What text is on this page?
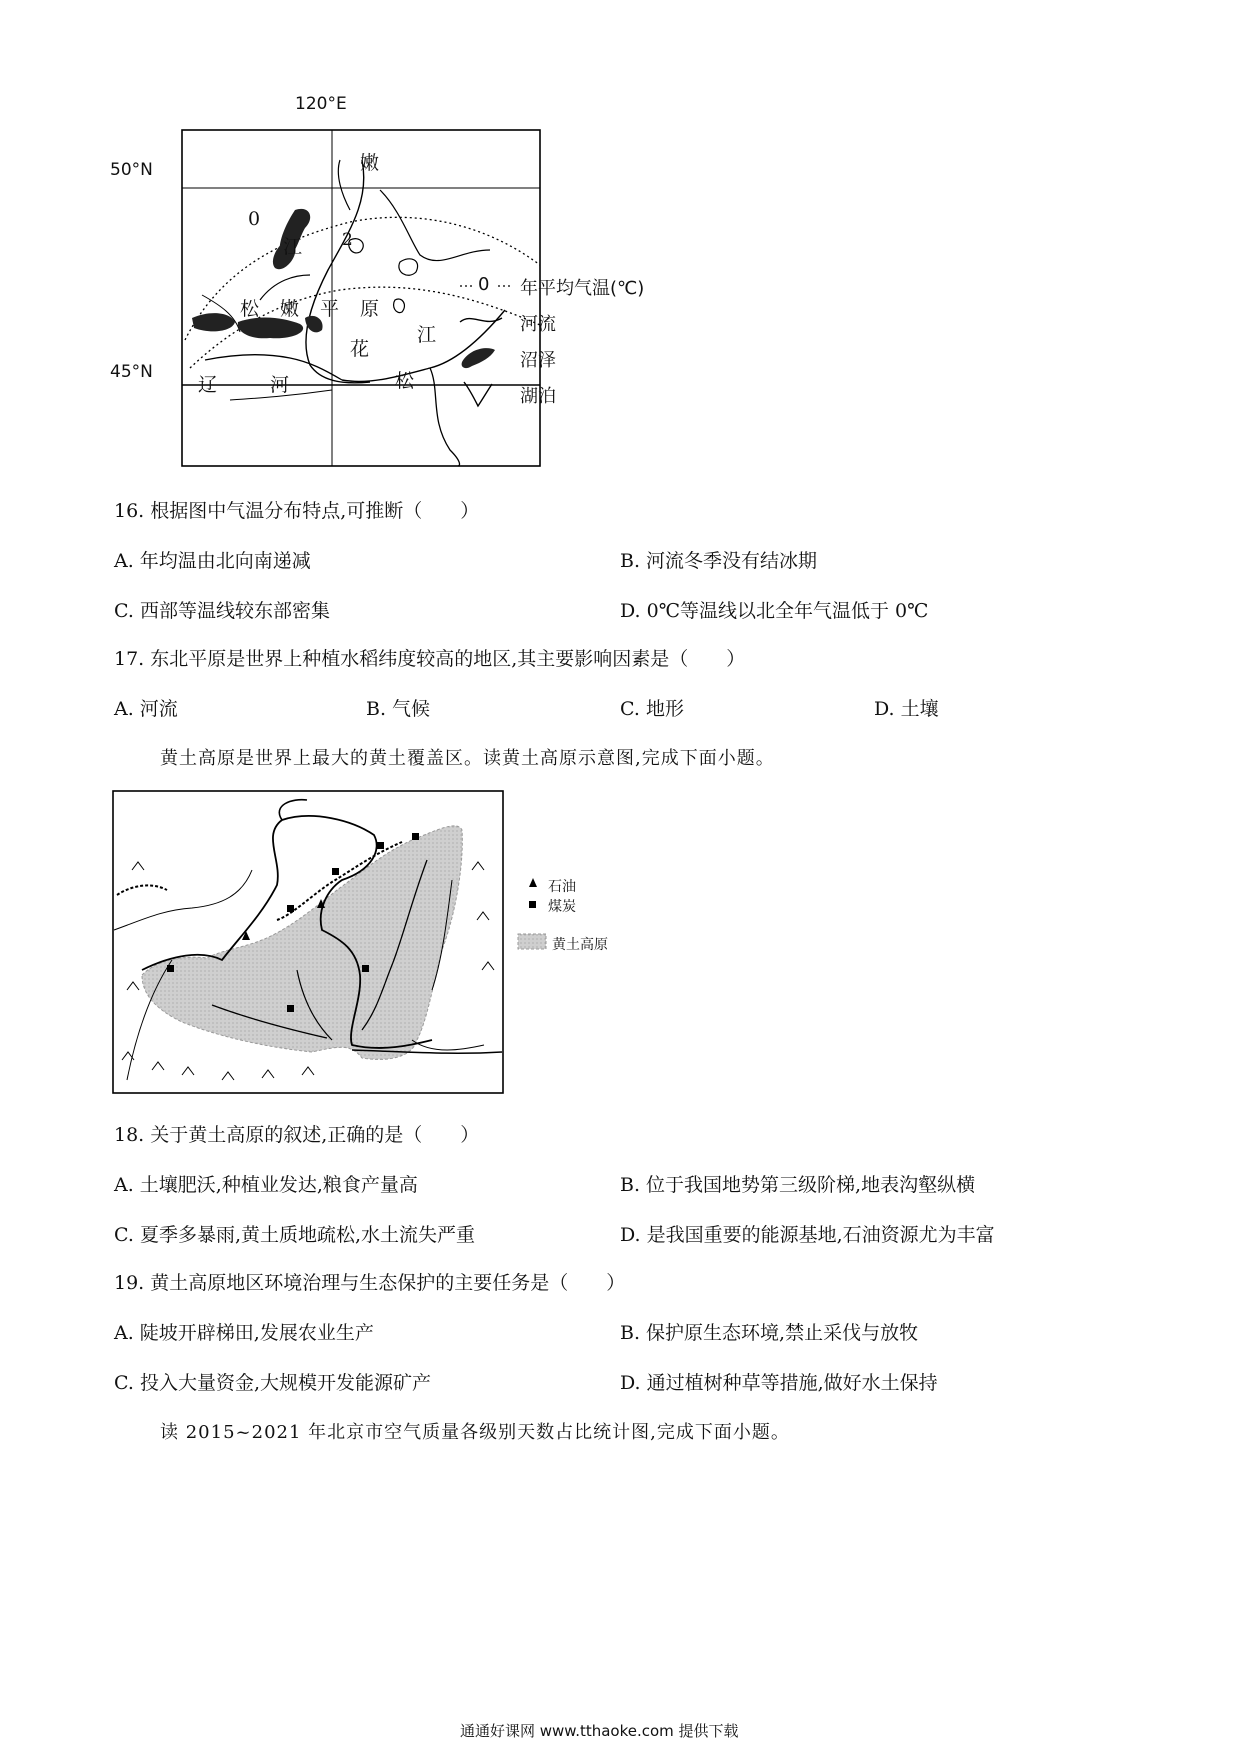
120°E
50°N
45°N
嫩
0
江 2
松 嫩 平 原
江
花
松
辽	河
0 年平均气温(℃)
河流
沼泽
湖泊
16. 根据图中气温分布特点,可推断（　　）
A. 年均温由北向南递减	B. 河流冬季没有结冰期
C. 西部等温线较东部密集	D. 0℃等温线以北全年气温低于 0℃
17. 东北平原是世界上种植水稻纬度较高的地区,其主要影响因素是（　　）
A. 河流	B. 气候	C. 地形	D. 土壤
黄土高原是世界上最大的黄土覆盖区。读黄土高原示意图,完成下面小题。
石油
煤炭
黄土高原
18. 关于黄土高原的叙述,正确的是（　　）
A. 土壤肥沃,种植业发达,粮食产量高	B. 位于我国地势第三级阶梯,地表沟壑纵横
C. 夏季多暴雨,黄土质地疏松,水土流失严重	D. 是我国重要的能源基地,石油资源尤为丰富
19. 黄土高原地区环境治理与生态保护的主要任务是（　　）
A. 陡坡开辟梯田,发展农业生产	B. 保护原生态环境,禁止采伐与放牧
C. 投入大量资金,大规模开发能源矿产	D. 通过植树种草等措施,做好水土保持
读 2015~2021 年北京市空气质量各级别天数占比统计图,完成下面小题。
通通好课网 www.tthaoke.com 提供下载
